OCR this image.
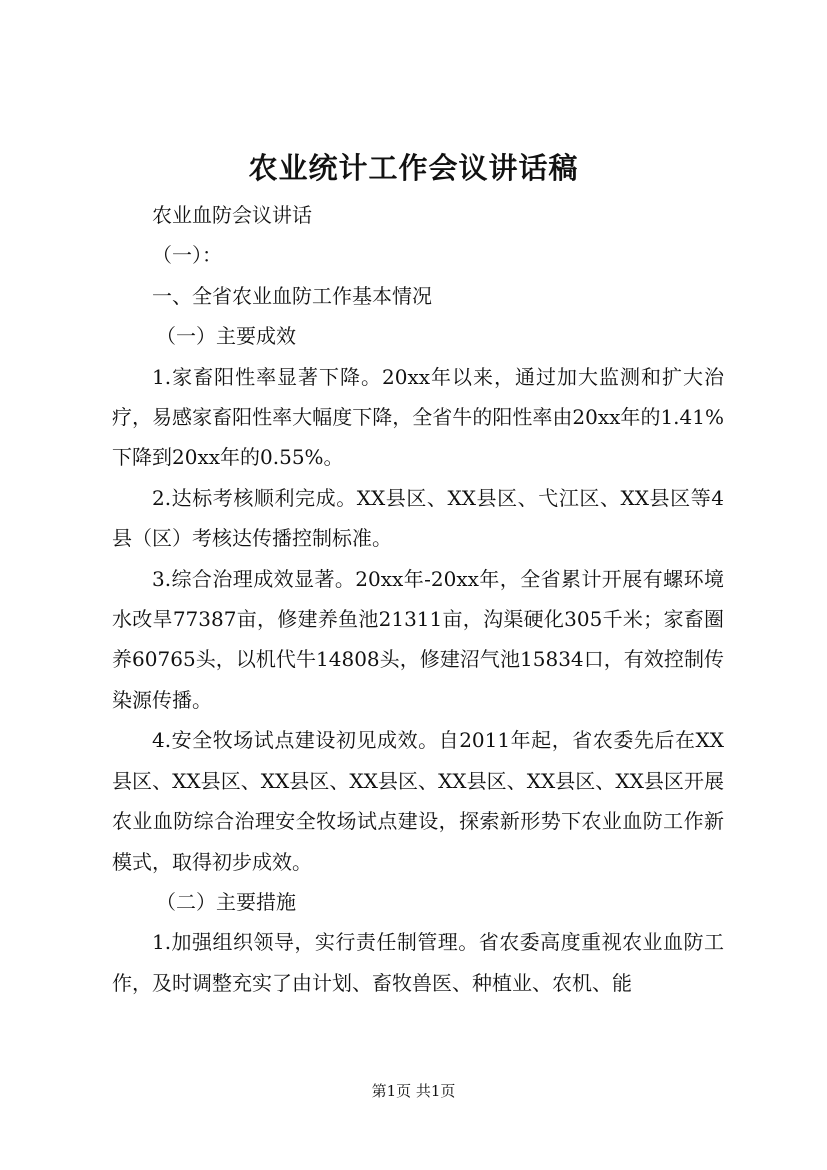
农业统计工作会议讲话稿

农业血防会议讲话

（一）：

一、全省农业血防工作基本情况

（一）主要成效

1.家畜阳性率显著下降。20xx年以来，通过加大监测和扩大治疗，易感家畜阳性率大幅度下降，全省牛的阳性率由20xx年的1.41%下降到20xx年的0.55%。

2.达标考核顺利完成。XX县区、XX县区、弋江区、XX县区等4县（区）考核达传播控制标准。

3.综合治理成效显著。20xx年-20xx年，全省累计开展有螺环境水改旱77387亩，修建养鱼池21311亩，沟渠硬化305千米；家畜圈养60765头，以机代牛14808头，修建沼气池15834口，有效控制传染源传播。

4.安全牧场试点建设初见成效。自2011年起，省农委先后在XX县区、XX县区、XX县区、XX县区、XX县区、XX县区、XX县区开展农业血防综合治理安全牧场试点建设，探索新形势下农业血防工作新模式，取得初步成效。

（二）主要措施

1.加强组织领导，实行责任制管理。省农委高度重视农业血防工作，及时调整充实了由计划、畜牧兽医、种植业、农机、能

第1页 共1页
